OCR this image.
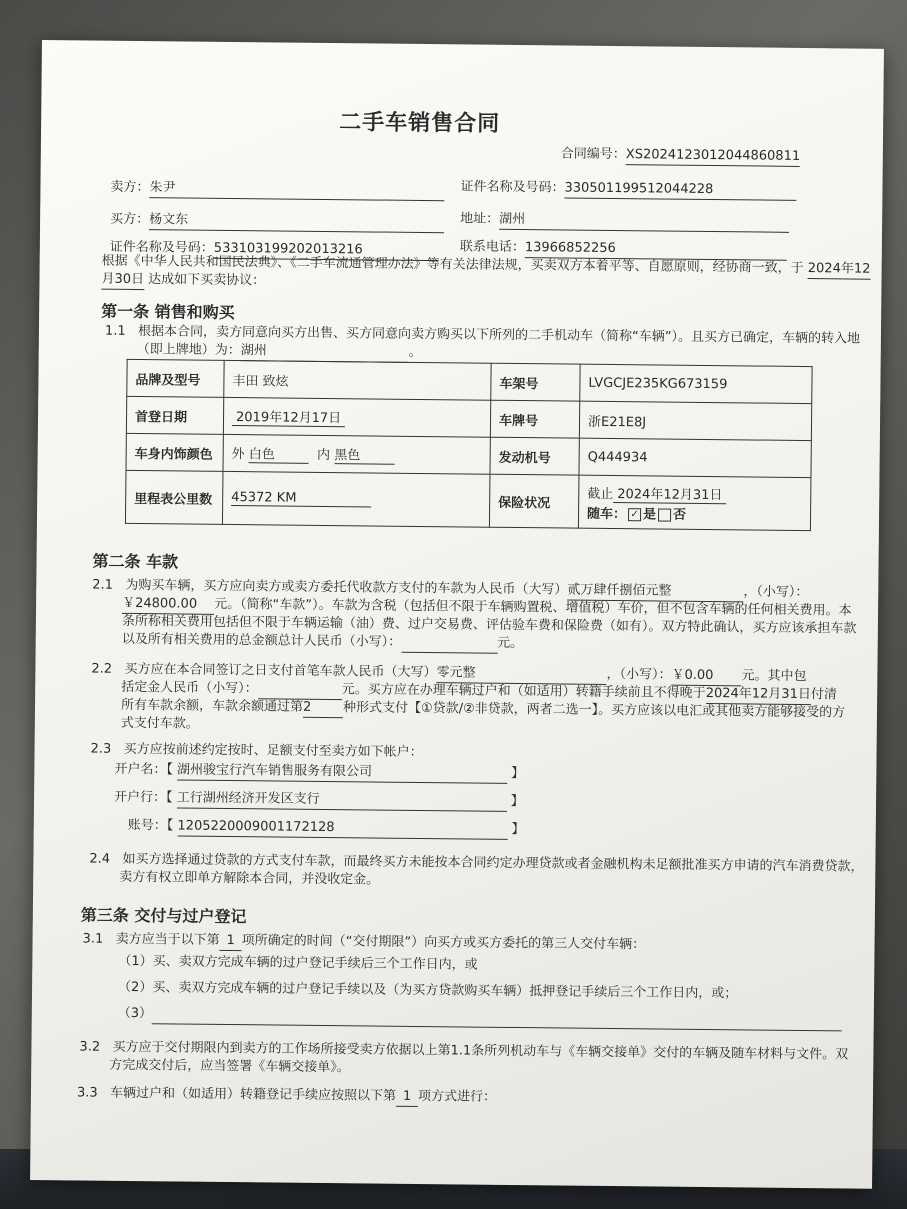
二手车销售合同
合同编号：XS2024123012044860811
卖方：朱尹	证件名称及号码：330501199512044228
买方：杨文东	地址：湖州
证件名称及号码：533103199202013216	联系电话：13966852256
根据《中华人民共和国民法典》、《二手车流通管理办法》等有关法律法规，买卖双方本着平等、自愿原则，经协商一致，于 2024年12
月30日 达成如下买卖协议：
第一条 销售和购买
1.1 根据本合同，卖方同意向买方出售、买方同意向卖方购买以下所列的二手机动车（简称“车辆”）。且买方已确定，车辆的转入地
（即上牌地）为：湖州	。
品牌及型号	丰田 致炫	车架号	LVGCJE235KG673159
首登日期	2019年12月17日	车牌号	浙E21E8J
车身内饰颜色	外 白色 内 黑色	发动机号	Q444934
里程表公里数	45372 KM	保险状况	截止 2024年12月31日
随车： ✓ 是 否
第二条 车款
2.1 为购买车辆，买方应向卖方或卖方委托代收款方支付的车款为人民币（大写）贰万肆仟捌佰元整	，（小写）：
￥24800.00 元。（简称“车款”）。车款为含税（包括但不限于车辆购置税、增值税）车价，但不包含车辆的任何相关费用。本
条所称相关费用包括但不限于车辆运输（油）费、过户交易费、评估验车费和保险费（如有）。双方特此确认，买方应该承担车款
以及所有相关费用的总金额总计人民币（小写）：	元。
2.2 买方应在本合同签订之日支付首笔车款人民币（大写）零元整	，（小写）：￥0.00 元。其中包
括定金人民币（小写）：	元。买方应在办理车辆过户和（如适用）转籍手续前且不得晚于2024年12月31日付清
所有车款余额，车款余额通过第2 种形式支付【①贷款/②非贷款，两者二选一】。买方应该以电汇或其他卖方能够接受的方
式支付车款。
2.3 买方应按前述约定按时、足额支付至卖方如下帐户：
开户名：【 湖州骏宝行汽车销售服务有限公司	】
开户行：【 工行湖州经济开发区支行	】
账号：【 1205220009001172128	】
2.4 如买方选择通过贷款的方式支付车款，而最终买方未能按本合同约定办理贷款或者金融机构未足额批准买方申请的汽车消费贷款，
卖方有权立即单方解除本合同，并没收定金。
第三条 交付与过户登记
3.1 卖方应当于以下第 1 项所确定的时间（“交付期限”）向买方或买方委托的第三人交付车辆：
（1）买、卖双方完成车辆的过户登记手续后三个工作日内，或
（2）买、卖双方完成车辆的过户登记手续以及（为买方贷款购买车辆）抵押登记手续后三个工作日内，或；
（3）
3.2 买方应于交付期限内到卖方的工作场所接受卖方依据以上第1.1条所列机动车与《车辆交接单》交付的车辆及随车材料与文件。双
方完成交付后，应当签署《车辆交接单》。
3.3 车辆过户和（如适用）转籍登记手续应按照以下第 1 项方式进行：
